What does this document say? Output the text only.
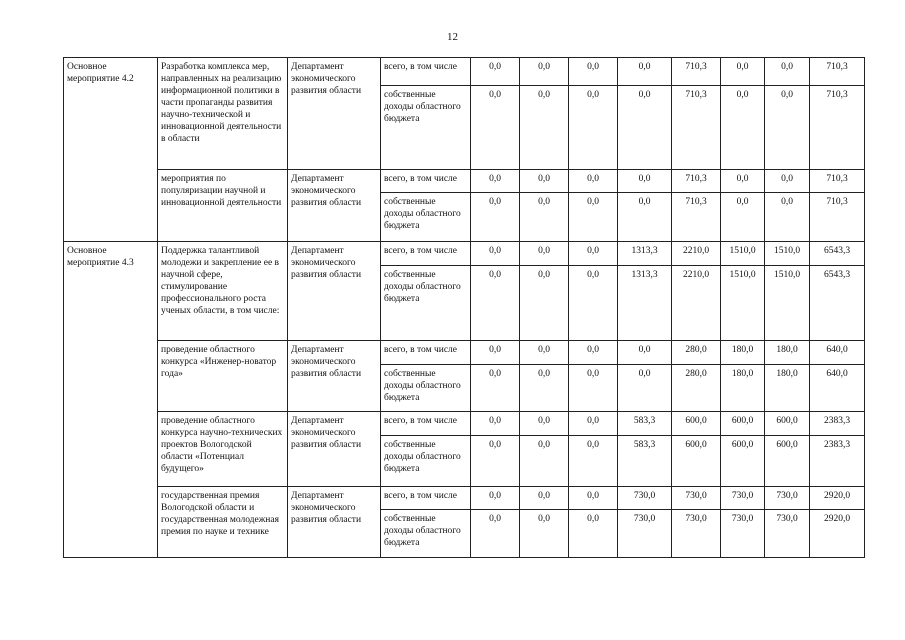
12
Основное мероприятие 4.2	Разработка комплекса мер, направленных на реализацию информационной политики в части пропаганды развития научно-технической и инновационной деятельности в области	Департамент экономического развития области	всего, в том числе	0,0	0,0	0,0	0,0	710,3	0,0	0,0	710,3
			собственные доходы областного бюджета	0,0	0,0	0,0	0,0	710,3	0,0	0,0	710,3
	мероприятия по популяризации научной и инновационной деятельности	Департамент экономического развития области	всего, в том числе	0,0	0,0	0,0	0,0	710,3	0,0	0,0	710,3
			собственные доходы областного бюджета	0,0	0,0	0,0	0,0	710,3	0,0	0,0	710,3
Основное мероприятие 4.3	Поддержка талантливой молодежи и закрепление ее в научной сфере, стимулирование профессионального роста ученых области, в том числе:	Департамент экономического развития области	всего, в том числе	0,0	0,0	0,0	1313,3	2210,0	1510,0	1510,0	6543,3
			собственные доходы областного бюджета	0,0	0,0	0,0	1313,3	2210,0	1510,0	1510,0	6543,3
	проведение областного конкурса «Инженер-новатор года»	Департамент экономического развития области	всего, в том числе	0,0	0,0	0,0	0,0	280,0	180,0	180,0	640,0
			собственные доходы областного бюджета	0,0	0,0	0,0	0,0	280,0	180,0	180,0	640,0
	проведение областного конкурса научно-технических проектов Вологодской области «Потенциал будущего»	Департамент экономического развития области	всего, в том числе	0,0	0,0	0,0	583,3	600,0	600,0	600,0	2383,3
			собственные доходы областного бюджета	0,0	0,0	0,0	583,3	600,0	600,0	600,0	2383,3
	государственная премия Вологодской области и государственная молодежная премия по науке и технике	Департамент экономического развития области	всего, в том числе	0,0	0,0	0,0	730,0	730,0	730,0	730,0	2920,0
			собственные доходы областного бюджета	0,0	0,0	0,0	730,0	730,0	730,0	730,0	2920,0
